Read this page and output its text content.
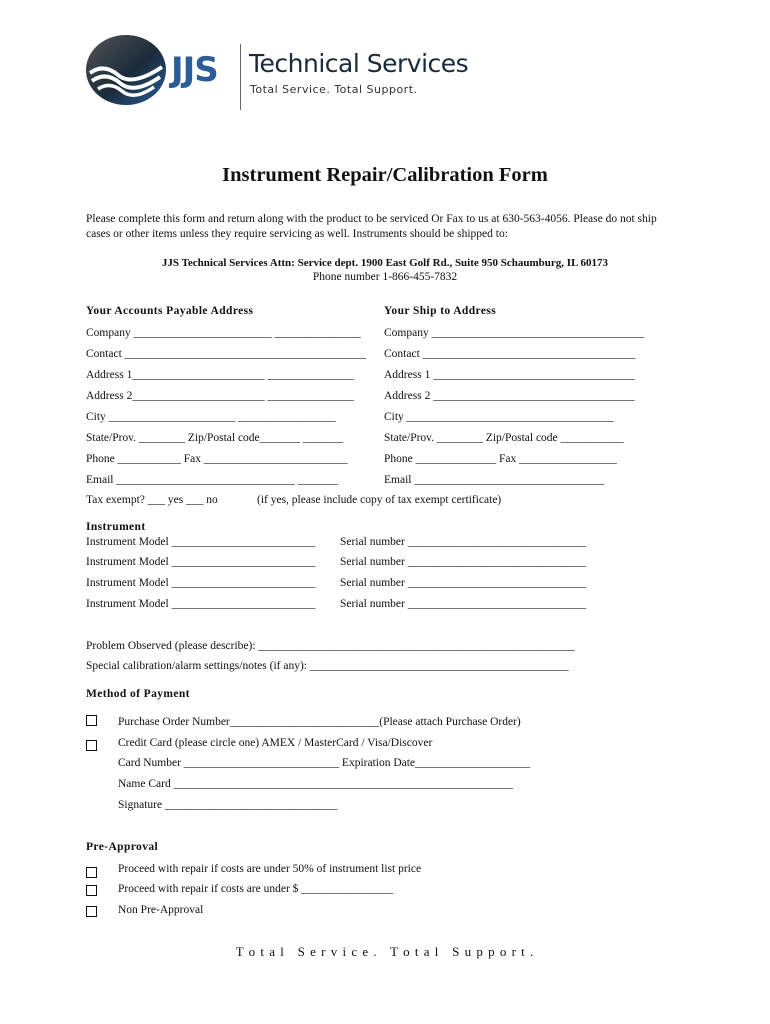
JJS Technical Services
Total Service. Total Support.
Instrument Repair/Calibration Form
Please complete this form and return along with the product to be serviced Or Fax to us at 630-563-4056. Please do not ship
cases or other items unless they require servicing as well. Instruments should be shipped to:
JJS Technical Services Attn: Service dept. 1900 East Golf Rd., Suite 950 Schaumburg, IL 60173
Phone number 1-866-455-7832
Your Accounts Payable Address
Company ________________________ _______________
Contact __________________________________________
Address 1_______________________ _______________
Address 2_______________________ _______________
City ______________________ _________________
State/Prov. ________ Zip/Postal code_______ _______
Phone ___________ Fax _________________________
Email _______________________________ _______
Tax exempt? ___ yes ___ no	(if yes, please include copy of tax exempt certificate)
Your Ship to Address
Company _____________________________________
Contact _____________________________________
Address 1 ___________________________________
Address 2 ___________________________________
City ____________________________________
State/Prov. ________ Zip/Postal code ___________
Phone ______________ Fax _________________
Email _________________________________
Instrument
Instrument Model _________________________ Serial number _______________________________
Instrument Model _________________________ Serial number _______________________________
Instrument Model _________________________ Serial number _______________________________
Instrument Model _________________________ Serial number _______________________________
Problem Observed (please describe): _______________________________________________________
Special calibration/alarm settings/notes (if any): _____________________________________________
Method of Payment
Purchase Order Number__________________________(Please attach Purchase Order)
Credit Card (please circle one) AMEX / MasterCard / Visa/Discover
Card Number ___________________________ Expiration Date____________________
Name Card ___________________________________________________________
Signature ______________________________
Pre-Approval
Proceed with repair if costs are under 50% of instrument list price
Proceed with repair if costs are under $ ________________
Non Pre-Approval
T o t a l   S e r v i c e .   T o t a l   S u p p o r t .
